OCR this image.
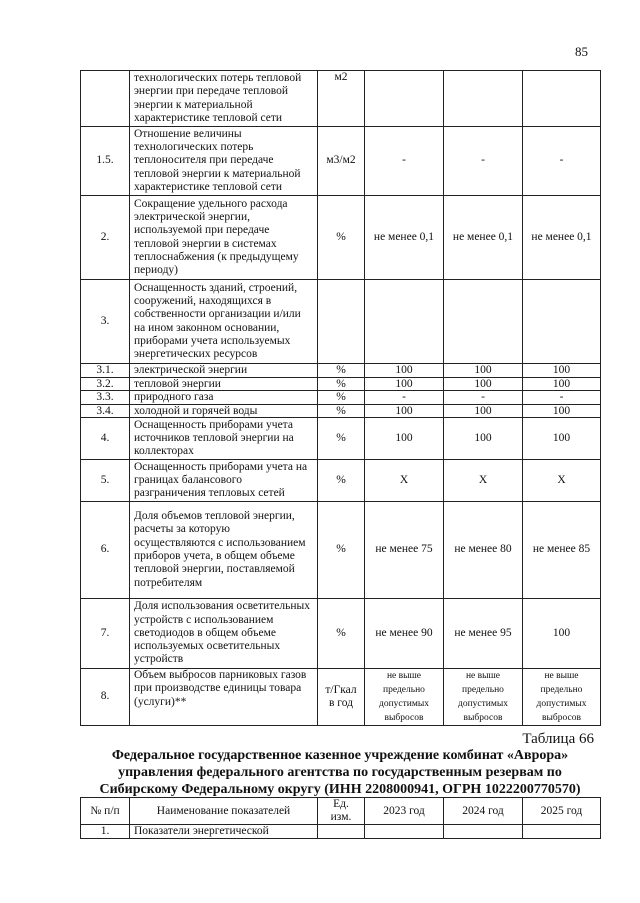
85
	технологических потерь тепловой энергии при передаче тепловой энергии к материальной характеристике тепловой сети	м2			
1.5.	Отношение величины технологических потерь теплоносителя при передаче тепловой энергии к материальной характеристике тепловой сети	м3/м2	-	-	-
2.	Сокращение удельного расхода электрической энергии, используемой при передаче тепловой энергии в системах теплоснабжения (к предыдущему периоду)	%	не менее 0,1	не менее 0,1	не менее 0,1
3.	Оснащенность зданий, строений, сооружений, находящихся в собственности организации и/или на ином законном основании, приборами учета используемых энергетических ресурсов				
3.1.	электрической энергии	%	100	100	100
3.2.	тепловой энергии	%	100	100	100
3.3.	природного газа	%	-	-	-
3.4.	холодной и горячей воды	%	100	100	100
4.	Оснащенность приборами учета источников тепловой энергии на коллекторах	%	100	100	100
5.	Оснащенность приборами учета на границах балансового разграничения тепловых сетей	%	Х	Х	Х
6.	Доля объемов тепловой энергии, расчеты за которую осуществляются с использованием приборов учета, в общем объеме тепловой энергии, поставляемой потребителям	%	не менее 75	не менее 80	не менее 85
7.	Доля использования осветительных устройств с использованием светодиодов в общем объеме используемых осветительных устройств	%	не менее 90	не менее 95	100
8.	Объем выбросов парниковых газов при производстве единицы товара (услуги)**	т/Гкал в год	не выше предельно допустимых выбросов	не выше предельно допустимых выбросов	не выше предельно допустимых выбросов
Таблица 66
Федеральное государственное казенное учреждение комбинат «Аврора» управления федерального агентства по государственным резервам по Сибирскому Федеральному округу (ИНН 2208000941, ОГРН 1022200770570)
№ п/п	Наименование показателей	Ед. изм.	2023 год	2024 год	2025 год
1.	Показатели энергетической				
